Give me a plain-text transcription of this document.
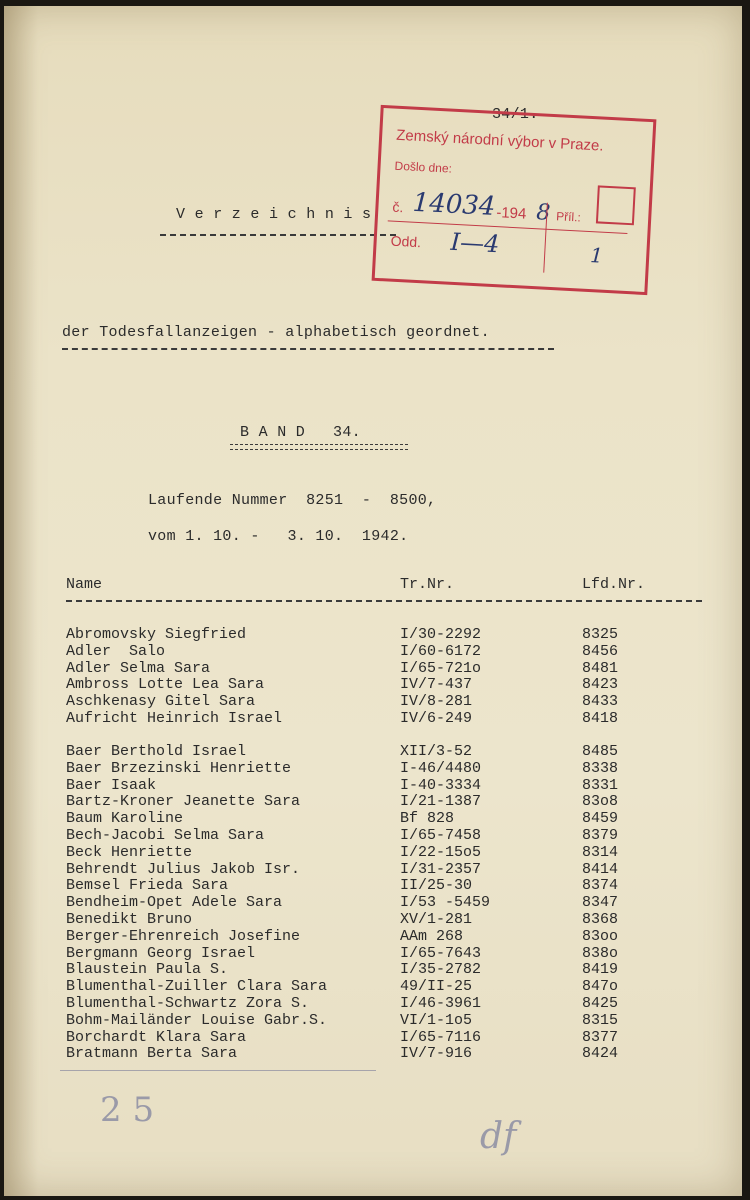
34/1.
V e r z e i c h n i s
Zemský národní výbor v Praze.
Došlo dne:
č. 14034 -194 8 Příl.:
Odd. I—4	1
der Todesfallanzeigen - alphabetisch geordnet.
B A N D   34.
Laufende Nummer  8251  -  8500,
vom 1. 10. -   3. 10.  1942.
Name	Tr.Nr.	Lfd.Nr.
Abromovsky Siegfried	I/30-2292	8325
Adler  Salo	I/60-6172	8456
Adler Selma Sara	I/65-721o	8481
Ambross Lotte Lea Sara	IV/7-437	8423
Aschkenasy Gitel Sara	IV/8-281	8433
Aufricht Heinrich Israel	IV/6-249	8418
Baer Berthold Israel	XII/3-52	8485
Baer Brzezinski Henriette	I-46/4480	8338
Baer Isaak	I-40-3334	8331
Bartz-Kroner Jeanette Sara	I/21-1387	83o8
Baum Karoline	Bf 828	8459
Bech-Jacobi Selma Sara	I/65-7458	8379
Beck Henriette	I/22-15o5	8314
Behrendt Julius Jakob Isr.	I/31-2357	8414
Bemsel Frieda Sara	II/25-30	8374
Bendheim-Opet Adele Sara	I/53 -5459	8347
Benedikt Bruno	XV/1-281	8368
Berger-Ehrenreich Josefine	AAm 268	83oo
Bergmann Georg Israel	I/65-7643	838o
Blaustein Paula S.	I/35-2782	8419
Blumenthal-Zuiller Clara Sara	49/II-25	847o
Blumenthal-Schwartz Zora S.	I/46-3961	8425
Bohm-Mailänder Louise Gabr.S.	VI/1-1o5	8315
Borchardt Klara Sara	I/65-7116	8377
Bratmann Berta Sara	IV/7-916	8424
2 5
df
